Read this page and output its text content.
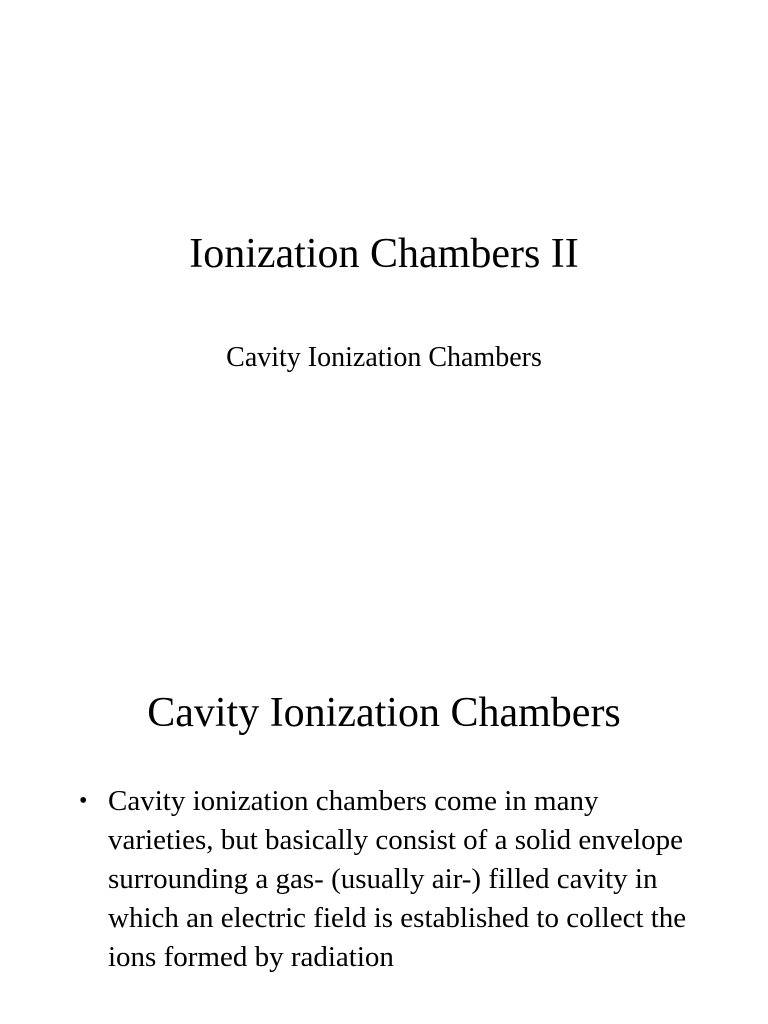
Ionization Chambers II
Cavity Ionization Chambers
Cavity Ionization Chambers
• Cavity ionization chambers come in many varieties, but basically consist of a solid envelope surrounding a gas- (usually air-) filled cavity in which an electric field is established to collect the ions formed by radiation
